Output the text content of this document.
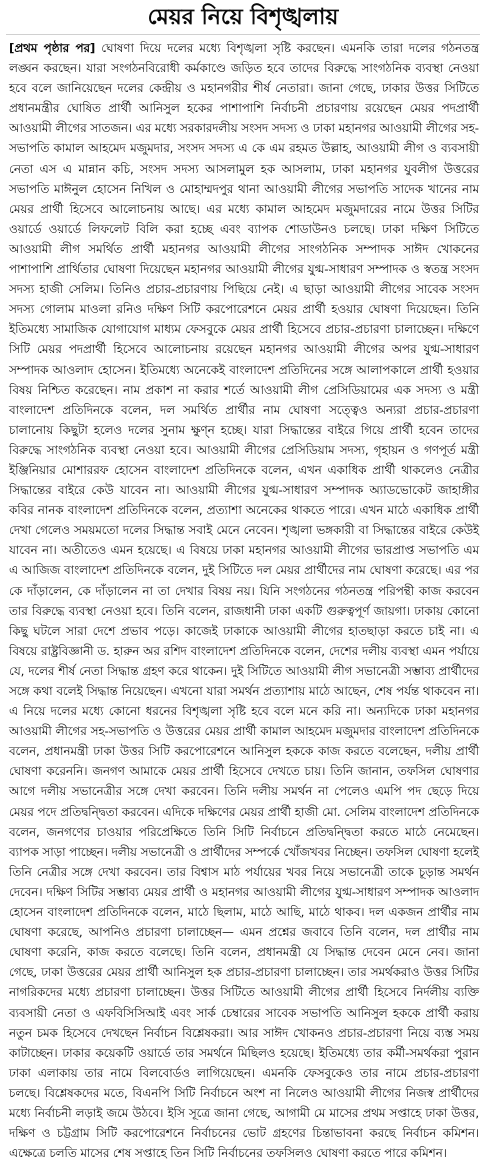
মেয়র নিয়ে বিশৃঙ্খলায়

[প্রথম পৃষ্ঠার পর] ঘোষণা দিয়ে দলের মধ্যে বিশৃঙ্খলা সৃষ্টি করছেন। এমনকি তারা দলের গঠনতন্ত্র লঙ্ঘন করছেন। যারা সংগঠনবিরোধী কর্মকাণ্ডে জড়িত হবে তাদের বিরুদ্ধে সাংগঠনিক ব্যবস্থা নেওয়া হবে বলে জানিয়েছেন দলের কেন্দ্রীয় ও মহানগরীর শীর্ষ নেতারা। জানা গেছে, ঢাকার উত্তর সিটিতে প্রধানমন্ত্রীর ঘোষিত প্রার্থী আনিসুল হকের পাশাপাশি নির্বাচনী প্রচারণায় রয়েছেন মেয়র পদপ্রার্থী আওয়ামী লীগের সাতজন। এর মধ্যে সরকারদলীয় সংসদ সদস্য ও ঢাকা মহানগর আওয়ামী লীগের সহ-সভাপতি কামাল আহমেদ মজুমদার, সংসদ সদস্য এ কে এম রহমত উল্লাহ, আওয়ামী লীগ ও ব্যবসায়ী নেতা এস এ মান্নান কচি, সংসদ সদস্য আসলামুল হক আসলাম, ঢাকা মহানগর যুবলীগ উত্তরের সভাপতি মাঈনুল হোসেন নিখিল ও মোহাম্মদপুর থানা আওয়ামী লীগের সভাপতি সাদেক খানের নাম মেয়র প্রার্থী হিসেবে আলোচনায় আছে। এর মধ্যে কামাল আহমেদ মজুমদারের নামে উত্তর সিটির ওয়ার্ডে ওয়ার্ডে লিফলেট বিলি করা হচ্ছে এবং ব্যাপক শোডাউনও চলছে। ঢাকা দক্ষিণ সিটিতে আওয়ামী লীগ সমর্থিত প্রার্থী মহানগর আওয়ামী লীগের সাংগঠনিক সম্পাদক সাঈদ খোকনের পাশাপাশি প্রার্থিতার ঘোষণা দিয়েছেন মহানগর আওয়ামী লীগের যুগ্ম-সাধারণ সম্পাদক ও স্বতন্ত্র সংসদ সদস্য হাজী সেলিম। তিনিও প্রচার-প্রচারণায় পিছিয়ে নেই। এ ছাড়া আওয়ামী লীগের সাবেক সংসদ সদস্য গোলাম মাওলা রনিও দক্ষিণ সিটি করপোরেশনে মেয়র প্রার্থী হওয়ার ঘোষণা দিয়েছেন। তিনি ইতিমধ্যে সামাজিক যোগাযোগ মাধ্যম ফেসবুকে মেয়র প্রার্থী হিসেবে প্রচার-প্রচারণা চালাচ্ছেন। দক্ষিণে সিটি মেয়র পদপ্রার্থী হিসেবে আলোচনায় রয়েছেন মহানগর আওয়ামী লীগের অপর যুগ্ম-সাধারণ সম্পাদক আওলাদ হোসেন। ইতিমধ্যে অনেকেই বাংলাদেশ প্রতিদিনের সঙ্গে আলাপকালে প্রার্থী হওয়ার বিষয় নিশ্চিত করেছেন। নাম প্রকাশ না করার শর্তে আওয়ামী লীগ প্রেসিডিয়ামের এক সদস্য ও মন্ত্রী বাংলাদেশ প্রতিদিনকে বলেন, দল সমর্থিত প্রার্থীর নাম ঘোষণা সত্ত্বেও অন্যরা প্রচার-প্রচারণা চালানোয় কিছুটা হলেও দলের সুনাম ক্ষুণ্ন হচ্ছে। যারা সিদ্ধান্তের বাইরে গিয়ে প্রার্থী হবেন তাদের বিরুদ্ধে সাংগঠনিক ব্যবস্থা নেওয়া হবে। আওয়ামী লীগের প্রেসিডিয়াম সদস্য, গৃহায়ন ও গণপূর্ত মন্ত্রী ইঞ্জিনিয়ার মোশাররফ হোসেন বাংলাদেশ প্রতিদিনকে বলেন, এখন একাধিক প্রার্থী থাকলেও নেত্রীর সিদ্ধান্তের বাইরে কেউ যাবেন না। আওয়ামী লীগের যুগ্ম-সাধারণ সম্পাদক অ্যাডভোকেট জাহাঙ্গীর কবির নানক বাংলাদেশ প্রতিদিনকে বলেন, প্রত্যাশা অনেকের থাকতে পারে। এখন মাঠে একাধিক প্রার্থী দেখা গেলেও সময়মতো দলের সিদ্ধান্ত সবাই মেনে নেবেন। শৃঙ্খলা ভঙ্গকারী বা সিদ্ধান্তের বাইরে কেউই যাবেন না। অতীতেও এমন হয়েছে। এ বিষয়ে ঢাকা মহানগর আওয়ামী লীগের ভারপ্রাপ্ত সভাপতি এম এ আজিজ বাংলাদেশ প্রতিদিনকে বলেন, দুই সিটিতে দল মেয়র প্রার্থীদের নাম ঘোষণা করেছে। এর পর কে দাঁড়ালেন, কে দাঁড়ালেন না তা দেখার বিষয় নয়। যিনি সংগঠনের গঠনতন্ত্র পরিপন্থী কাজ করবেন তার বিরুদ্ধে ব্যবস্থা নেওয়া হবে। তিনি বলেন, রাজধানী ঢাকা একটি গুরুত্বপূর্ণ জায়গা। ঢাকায় কোনো কিছু ঘটলে সারা দেশে প্রভাব পড়ে। কাজেই ঢাকাকে আওয়ামী লীগের হাতছাড়া করতে চাই না। এ বিষয়ে রাষ্ট্রবিজ্ঞানী ড. হারুন অর রশিদ বাংলাদেশ প্রতিদিনকে বলেন, দেশের দলীয় ব্যবস্থা এমন পর্যায়ে যে, দলের শীর্ষ নেতা সিদ্ধান্ত গ্রহণ করে থাকেন। দুই সিটিতে আওয়ামী লীগ সভানেত্রী সম্ভাব্য প্রার্থীদের সঙ্গে কথা বলেই সিদ্ধান্ত নিয়েছেন। এখনো যারা সমর্থন প্রত্যাশায় মাঠে আছেন, শেষ পর্যন্ত থাকবেন না। এ নিয়ে দলের মধ্যে কোনো ধরনের বিশৃঙ্খলা সৃষ্টি হবে বলে মনে করি না। অন্যদিকে ঢাকা মহানগর আওয়ামী লীগের সহ-সভাপতি ও উত্তরের মেয়র প্রার্থী কামাল আহমেদ মজুমদার বাংলাদেশ প্রতিদিনকে বলেন, প্রধানমন্ত্রী ঢাকা উত্তর সিটি করপোরেশনে আনিসুল হককে কাজ করতে বলেছেন, দলীয় প্রার্থী ঘোষণা করেননি। জনগণ আমাকে মেয়র প্রার্থী হিসেবে দেখতে চায়। তিনি জানান, তফসিল ঘোষণার আগে দলীয় সভানেত্রীর সঙ্গে দেখা করবেন। তিনি দলীয় সমর্থন না পেলেও এমপি পদ ছেড়ে দিয়ে মেয়র পদে প্রতিদ্বন্দ্বিতা করবেন। এদিকে দক্ষিণের মেয়র প্রার্থী হাজী মো. সেলিম বাংলাদেশ প্রতিদিনকে বলেন, জনগণের চাওয়ার পরিপ্রেক্ষিতে তিনি সিটি নির্বাচনে প্রতিদ্বন্দ্বিতা করতে মাঠে নেমেছেন। ব্যাপক সাড়া পাচ্ছেন। দলীয় সভানেত্রী ও প্রার্থীদের সম্পর্কে খোঁজখবর নিচ্ছেন। তফসিল ঘোষণা হলেই তিনি নেত্রীর সঙ্গে দেখা করবেন। তার বিশ্বাস মাঠ পর্যায়ের খবর নিয়ে সভানেত্রী তাকে চূড়ান্ত সমর্থন দেবেন। দক্ষিণ সিটির সম্ভাব্য মেয়র প্রার্থী ও মহানগর আওয়ামী লীগের যুগ্ম-সাধারণ সম্পাদক আওলাদ হোসেন বাংলাদেশ প্রতিদিনকে বলেন, মাঠে ছিলাম, মাঠে আছি, মাঠে থাকব। দল একজন প্রার্থীর নাম ঘোষণা করেছে, আপনিও প্রচারণা চালাচ্ছেন— এমন প্রশ্নের জবাবে তিনি বলেন, দল প্রার্থীর নাম ঘোষণা করেনি, কাজ করতে বলেছে। তিনি বলেন, প্রধানমন্ত্রী যে সিদ্ধান্ত দেবেন মেনে নেব। জানা গেছে, ঢাকা উত্তরের মেয়র প্রার্থী আনিসুল হক প্রচার-প্রচারণা চালাচ্ছেন। তার সমর্থকরাও উত্তর সিটির নাগরিকদের মধ্যে প্রচারণা চালাচ্ছেন। উত্তর সিটিতে আওয়ামী লীগের প্রার্থী হিসেবে নির্দলীয় ব্যক্তি ব্যবসায়ী নেতা ও এফবিসিসিআই এবং সার্ক চেম্বারের সাবেক সভাপতি আনিসুল হককে প্রার্থী করায় নতুন চমক হিসেবে দেখছেন নির্বাচন বিশ্লেষকরা। আর সাঈদ খোকনও প্রচার-প্রচারণা নিয়ে ব্যস্ত সময় কাটাচ্ছেন। ঢাকার কয়েকটি ওয়ার্ডে তার সমর্থনে মিছিলও হয়েছে। ইতিমধ্যে তার কর্মী-সমর্থকরা পুরান ঢাকা এলাকায় তার নামে বিলবোর্ডও লাগিয়েছেন। এমনকি ফেসবুকেও তার নামে প্রচার-প্রচারণা চলছে। বিশ্লেষকদের মতে, বিএনপি সিটি নির্বাচনে অংশ না নিলেও আওয়ামী লীগের নিজস্ব প্রার্থীদের মধ্যে নির্বাচনী লড়াই জমে উঠবে। ইসি সূত্রে জানা গেছে, আগামী মে মাসের প্রথম সপ্তাহে ঢাকা উত্তর, দক্ষিণ ও চট্টগ্রাম সিটি করপোরেশনে নির্বাচনের ভোট গ্রহণের চিন্তাভাবনা করছে নির্বাচন কমিশন। এক্ষেত্রে চলতি মাসের শেষ সপ্তাহে তিন সিটি নির্বাচনের তফসিলও ঘোষণা করতে পারে কমিশন।
